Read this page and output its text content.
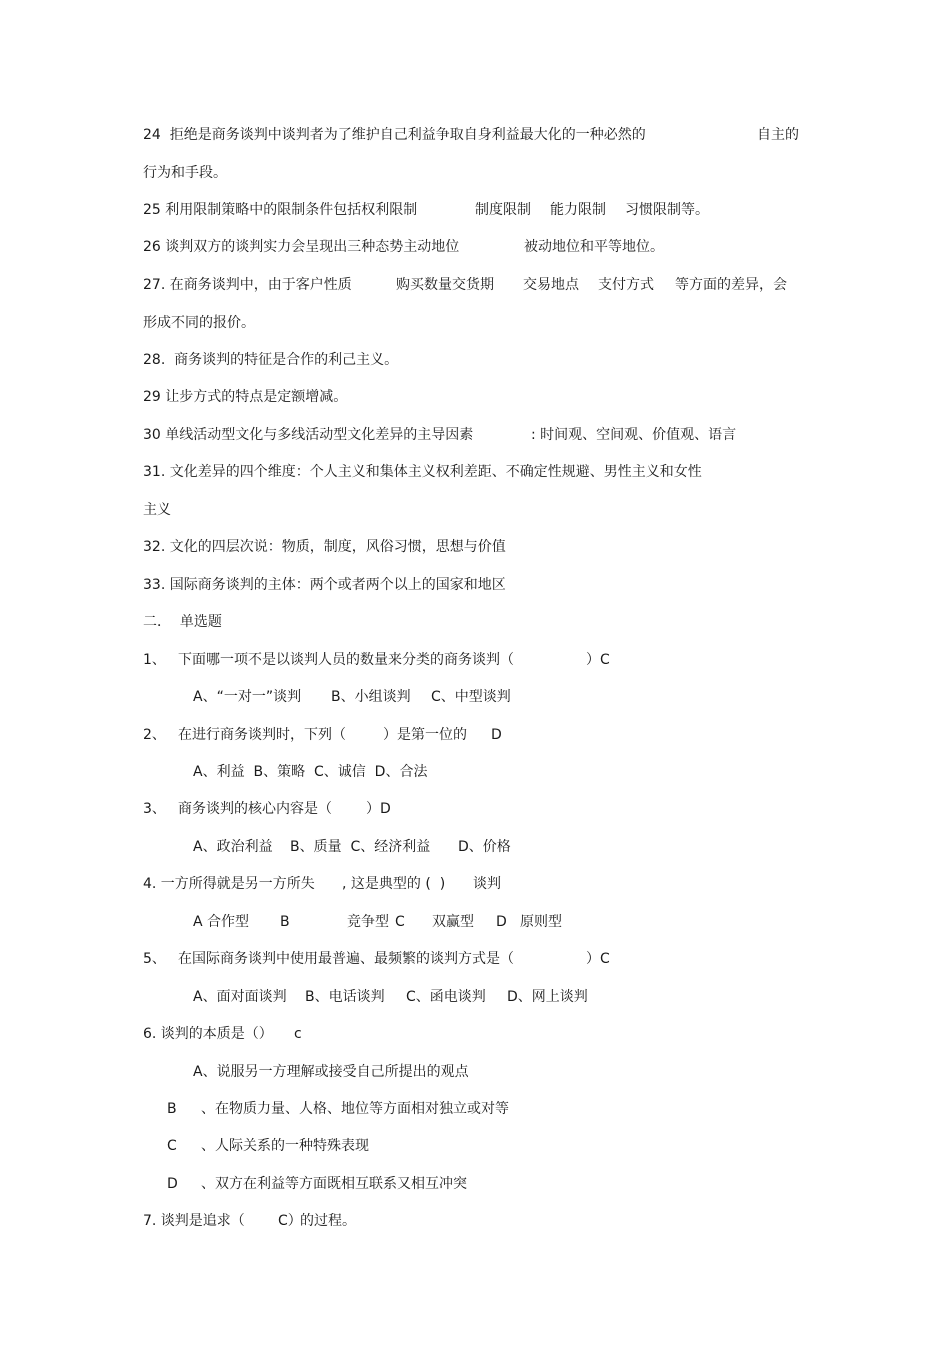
24  拒绝是商务谈判中谈判者为了维护自己利益争取自身利益最大化的一种必然的

	自主的

行为和手段。

25 利用限制策略中的限制条件包括权利限制

	制度限制

能力限制

习惯限制等。

26 谈判双方的谈判实力会呈现出三种态势主动地位

	被动地位和平等地位。

27. 在商务谈判中，由于客户性质

	购买数量交货期

交易地点

支付方式

等方面的差异，会

形成不同的报价。

28.  商务谈判的特征是合作的利己主义。

29 让步方式的特点是定额增减。

30 单线活动型文化与多线活动型文化差异的主导因素

	: 时间观、空间观、价值观、语言

31. 文化差异的四个维度：个人主义和集体主义权利差距、不确定性规避、男性主义和女性

主义

32. 文化的四层次说：物质，制度，风俗习惯，思想与价值

33. 国际商务谈判的主体：两个或者两个以上的国家和地区

二．  单选题

1、

下面哪一项不是以谈判人员的数量来分类的商务谈判（

	）C

A、“一对一”谈判

B、小组谈判

C、中型谈判

2、

在进行商务谈判时，下列（

	）是第一位的

D

A、利益  B、策略  C、诚信  D、合法

3、

商务谈判的核心内容是（

）D

A、政治利益

B、质量  C、经济利益

D、价格

4. 一方所得就是另一方所失

, 这是典型的 (  )

谈判

A 合作型

B

	竞争型

C

双赢型

D

原则型

5、

在国际商务谈判中使用最普遍、最频繁的谈判方式是（

	）C

A、面对面谈判

B、电话谈判

C、函电谈判

D、网上谈判

6. 谈判的本质是（）

c

A、说服另一方理解或接受自己所提出的观点

B

、在物质力量、人格、地位等方面相对独立或对等

C

、人际关系的一种特殊表现

D

、双方在利益等方面既相互联系又相互冲突

7. 谈判是追求（

C）

的过程。
